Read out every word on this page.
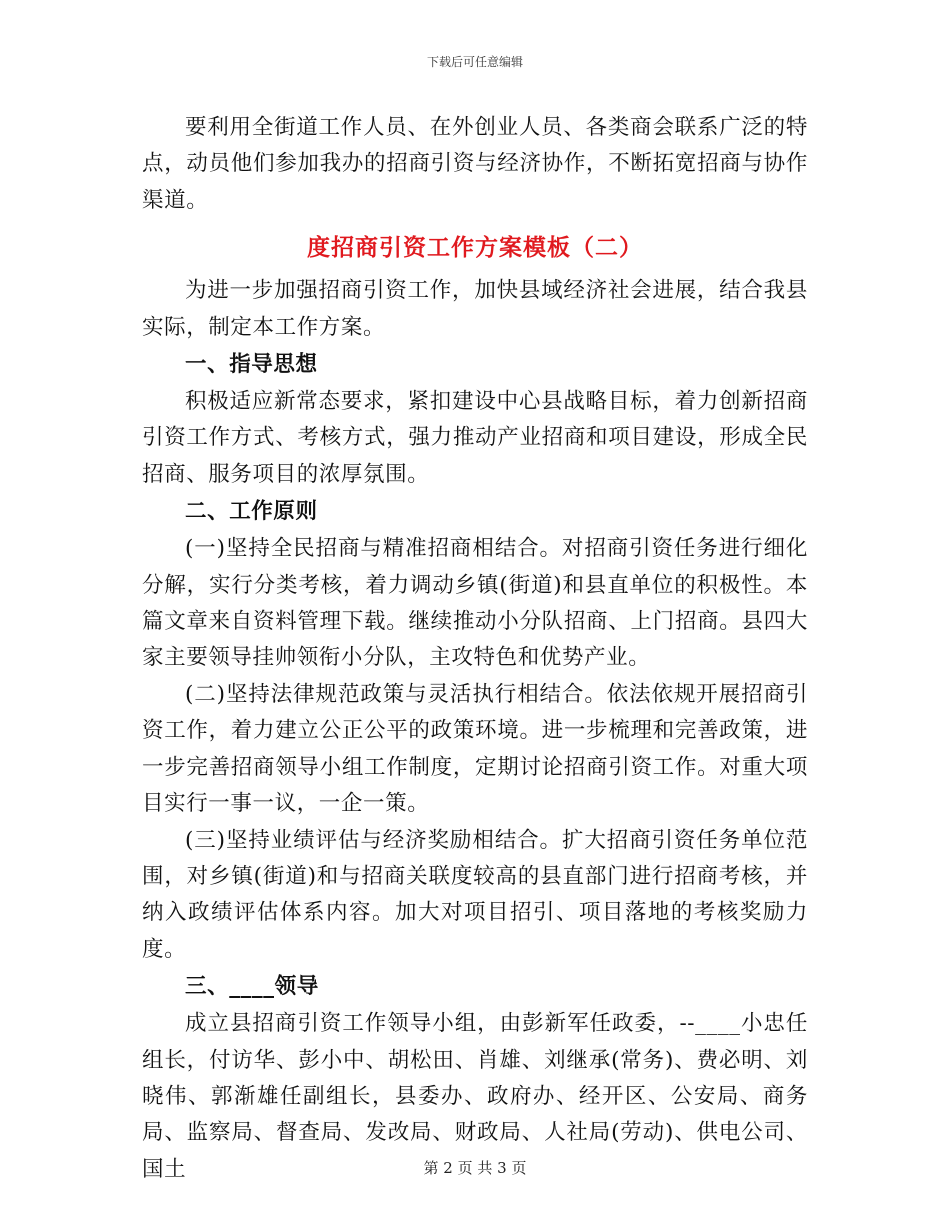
下载后可任意编辑

要利用全街道工作人员、在外创业人员、各类商会联系广泛的特点，动员他们参加我办的招商引资与经济协作，不断拓宽招商与协作渠道。

度招商引资工作方案模板（二）

为进一步加强招商引资工作，加快县域经济社会进展，结合我县实际，制定本工作方案。

一、指导思想

积极适应新常态要求，紧扣建设中心县战略目标，着力创新招商引资工作方式、考核方式，强力推动产业招商和项目建设，形成全民招商、服务项目的浓厚氛围。

二、工作原则

(一)坚持全民招商与精准招商相结合。对招商引资任务进行细化分解，实行分类考核，着力调动乡镇(街道)和县直单位的积极性。本篇文章来自资料管理下载。继续推动小分队招商、上门招商。县四大家主要领导挂帅领衔小分队，主攻特色和优势产业。

(二)坚持法律规范政策与灵活执行相结合。依法依规开展招商引资工作，着力建立公正公平的政策环境。进一步梳理和完善政策，进一步完善招商领导小组工作制度，定期讨论招商引资工作。对重大项目实行一事一议，一企一策。

(三)坚持业绩评估与经济奖励相结合。扩大招商引资任务单位范围，对乡镇(街道)和与招商关联度较高的县直部门进行招商考核，并纳入政绩评估体系内容。加大对项目招引、项目落地的考核奖励力度。

三、____领导

成立县招商引资工作领导小组，由彭新军任政委，--____小忠任组长，付访华、彭小中、胡松田、肖雄、刘继承(常务)、费必明、刘晓伟、郭渐雄任副组长，县委办、政府办、经开区、公安局、商务局、监察局、督查局、发改局、财政局、人社局(劳动)、供电公司、国土	第 2 页 共 3 页
